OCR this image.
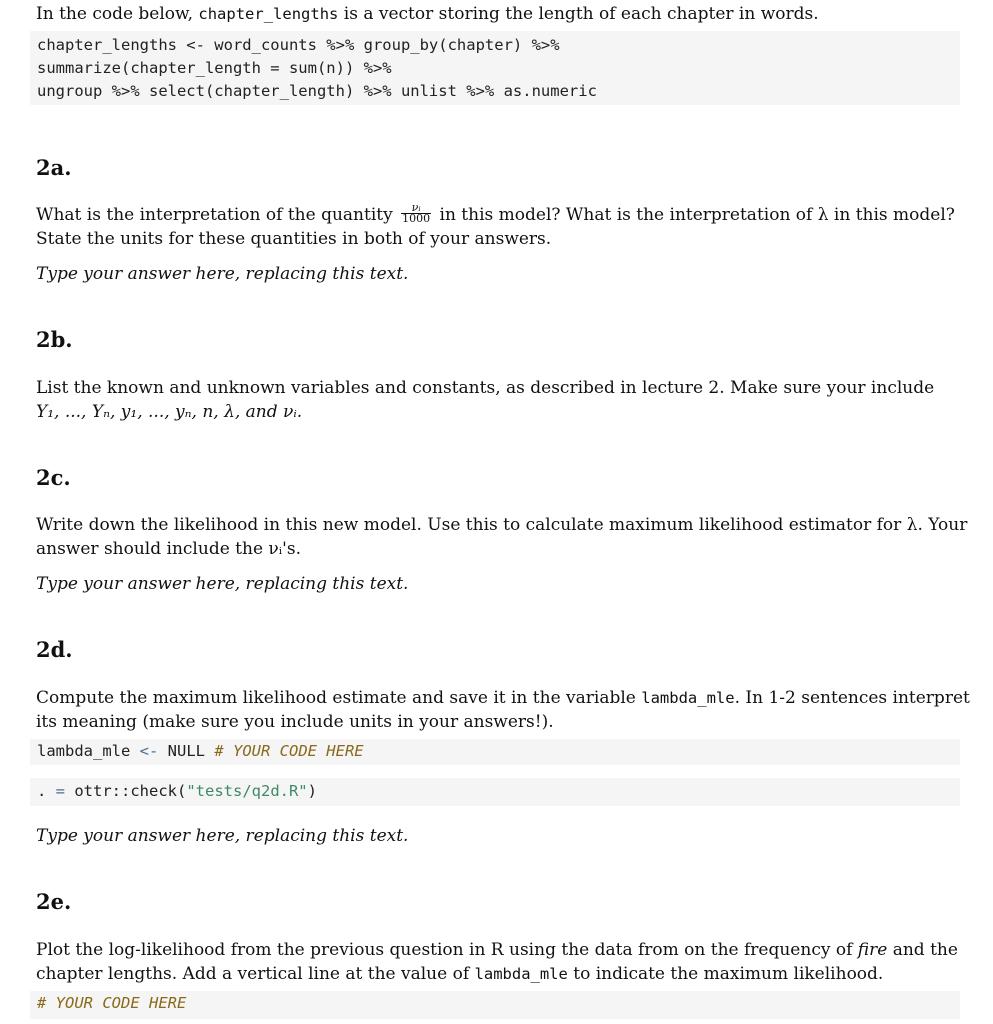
In the code below, chapter_lengths is a vector storing the length of each chapter in words.
chapter_lengths <- word_counts %>% group_by(chapter) %>%
summarize(chapter_length = sum(n)) %>%
ungroup %>% select(chapter_length) %>% unlist %>% as.numeric
2a.
What is the interpretation of the quantity $\frac{\text{νᵢ}}{1000}$ in this model? What is the interpretation of λ in this model?
State the units for these quantities in both of your answers.
Type your answer here, replacing this text.
2b.
List the known and unknown variables and constants, as described in lecture 2. Make sure your include
Y₁, ..., Yₙ, y₁, ..., yₙ, n, λ, and νᵢ.
2c.
Write down the likelihood in this new model. Use this to calculate maximum likelihood estimator for λ. Your
answer should include the νᵢ's.
Type your answer here, replacing this text.
2d.
Compute the maximum likelihood estimate and save it in the variable lambda_mle. In 1-2 sentences interpret
its meaning (make sure you include units in your answers!).
lambda_mle <- NULL # YOUR CODE HERE
. = ottr::check("tests/q2d.R")
Type your answer here, replacing this text.
2e.
Plot the log-likelihood from the previous question in R using the data from on the frequency of fire and the
chapter lengths. Add a vertical line at the value of lambda_mle to indicate the maximum likelihood.
# YOUR CODE HERE
